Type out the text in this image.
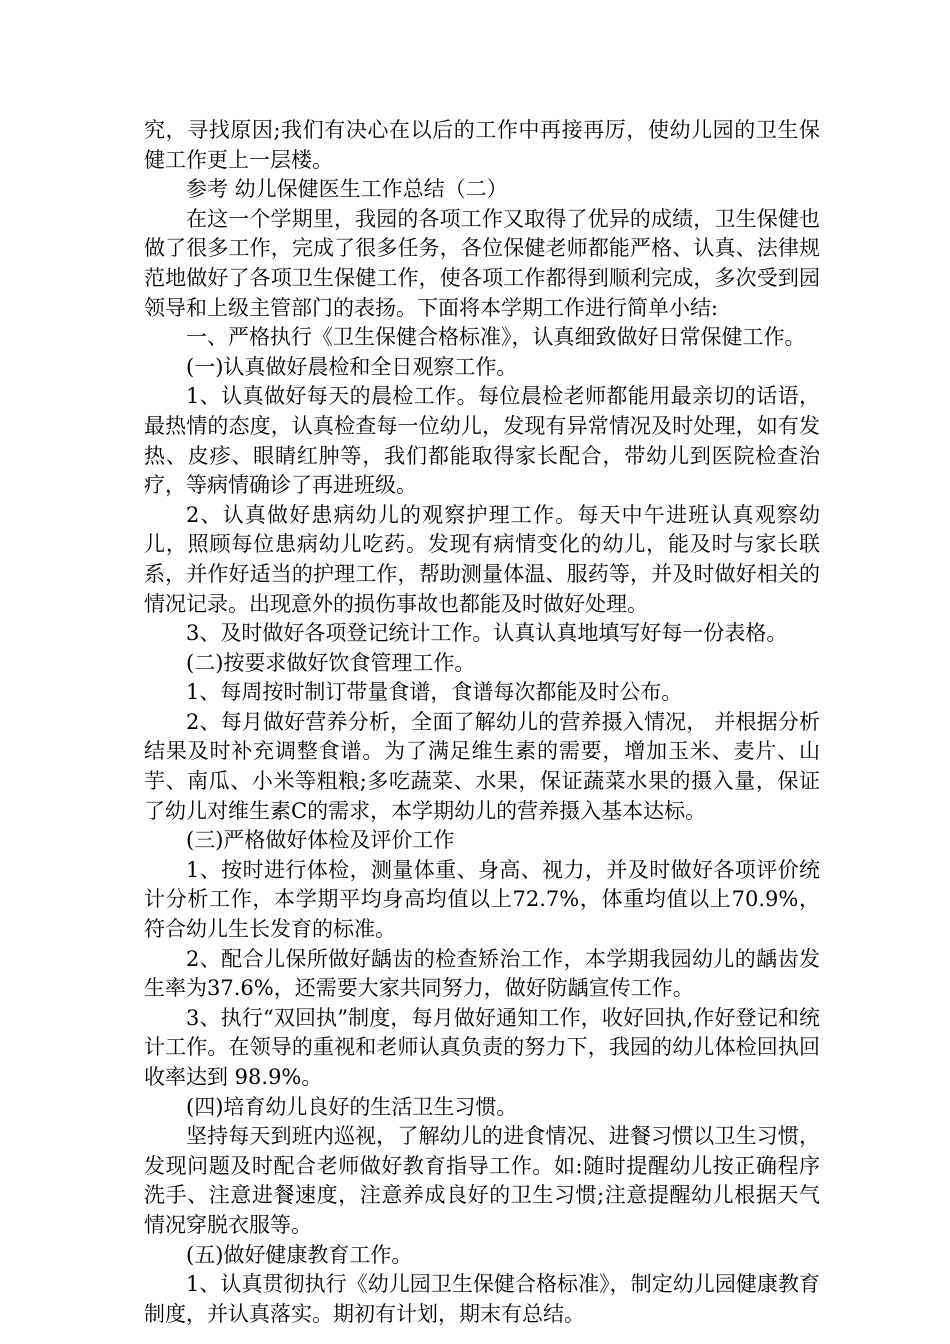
究，寻找原因;我们有决心在以后的工作中再接再厉，使幼儿园的卫生保健工作更上一层楼。

参考 幼儿保健医生工作总结（二）

在这一个学期里，我园的各项工作又取得了优异的成绩，卫生保健也做了很多工作，完成了很多任务，各位保健老师都能严格、认真、法律规范地做好了各项卫生保健工作，使各项工作都得到顺利完成，多次受到园领导和上级主管部门的表扬。下面将本学期工作进行简单小结:

一、严格执行《卫生保健合格标准》，认真细致做好日常保健工作。

(一)认真做好晨检和全日观察工作。

1、认真做好每天的晨检工作。每位晨检老师都能用最亲切的话语，最热情的态度，认真检查每一位幼儿，发现有异常情况及时处理，如有发热、皮疹、眼睛红肿等，我们都能取得家长配合，带幼儿到医院检查治疗，等病情确诊了再进班级。

2、认真做好患病幼儿的观察护理工作。每天中午进班认真观察幼儿，照顾每位患病幼儿吃药。发现有病情变化的幼儿，能及时与家长联系，并作好适当的护理工作，帮助测量体温、服药等，并及时做好相关的情况记录。出现意外的损伤事故也都能及时做好处理。

3、及时做好各项登记统计工作。认真认真地填写好每一份表格。

(二)按要求做好饮食管理工作。

1、每周按时制订带量食谱，食谱每次都能及时公布。

2、每月做好营养分析，全面了解幼儿的营养摄入情况， 并根据分析结果及时补充调整食谱。为了满足维生素的需要，增加玉米、麦片、山芋、南瓜、小米等粗粮;多吃蔬菜、水果，保证蔬菜水果的摄入量，保证了幼儿对维生素C的需求，本学期幼儿的营养摄入基本达标。

(三)严格做好体检及评价工作

1、按时进行体检，测量体重、身高、视力，并及时做好各项评价统计分析工作，本学期平均身高均值以上72.7%，体重均值以上70.9%，符合幼儿生长发育的标准。

2、配合儿保所做好龋齿的检查矫治工作，本学期我园幼儿的龋齿发生率为37.6%，还需要大家共同努力，做好防龋宣传工作。

3、执行“双回执”制度，每月做好通知工作，收好回执,作好登记和统计工作。在领导的重视和老师认真负责的努力下，我园的幼儿体检回执回收率达到 98.9%。

(四)培育幼儿良好的生活卫生习惯。

坚持每天到班内巡视，了解幼儿的进食情况、进餐习惯以卫生习惯，发现问题及时配合老师做好教育指导工作。如:随时提醒幼儿按正确程序洗手、注意进餐速度，注意养成良好的卫生习惯;注意提醒幼儿根据天气情况穿脱衣服等。

(五)做好健康教育工作。

1、认真贯彻执行《幼儿园卫生保健合格标准》，制定幼儿园健康教育制度，并认真落实。期初有计划，期末有总结。
